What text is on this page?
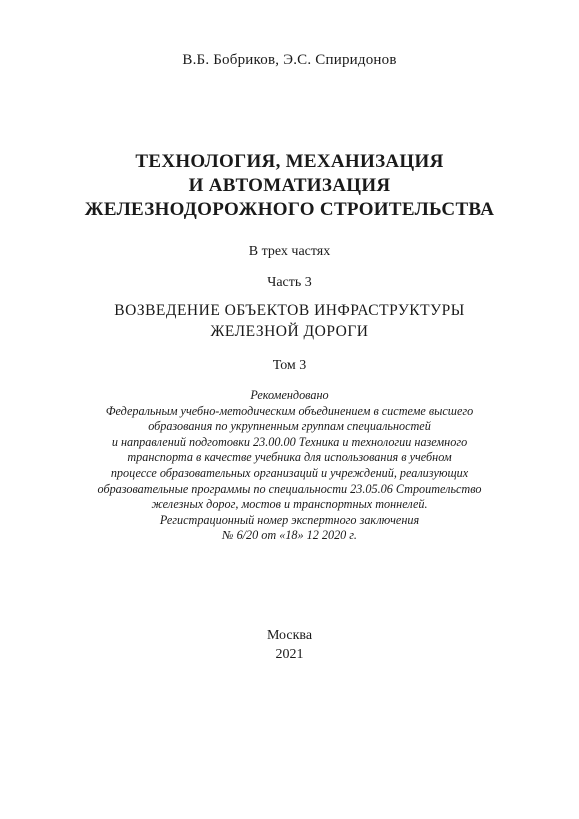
В.Б. Бобриков, Э.С. Спиридонов
ТЕХНОЛОГИЯ, МЕХАНИЗАЦИЯ
И АВТОМАТИЗАЦИЯ
ЖЕЛЕЗНОДОРОЖНОГО СТРОИТЕЛЬСТВА
В трех частях
Часть 3
ВОЗВЕДЕНИЕ ОБЪЕКТОВ ИНФРАСТРУКТУРЫ
ЖЕЛЕЗНОЙ ДОРОГИ
Том 3
Рекомендовано
Федеральным учебно-методическим объединением в системе высшего
образования по укрупненным группам специальностей
и направлений подготовки 23.00.00 Техника и технологии наземного
транспорта в качестве учебника для использования в учебном
процессе образовательных организаций и учреждений, реализующих
образовательные программы по специальности 23.05.06 Строительство
железных дорог, мостов и транспортных тоннелей.
Регистрационный номер экспертного заключения
№ 6/20 от «18» 12 2020 г.
Москва
2021
